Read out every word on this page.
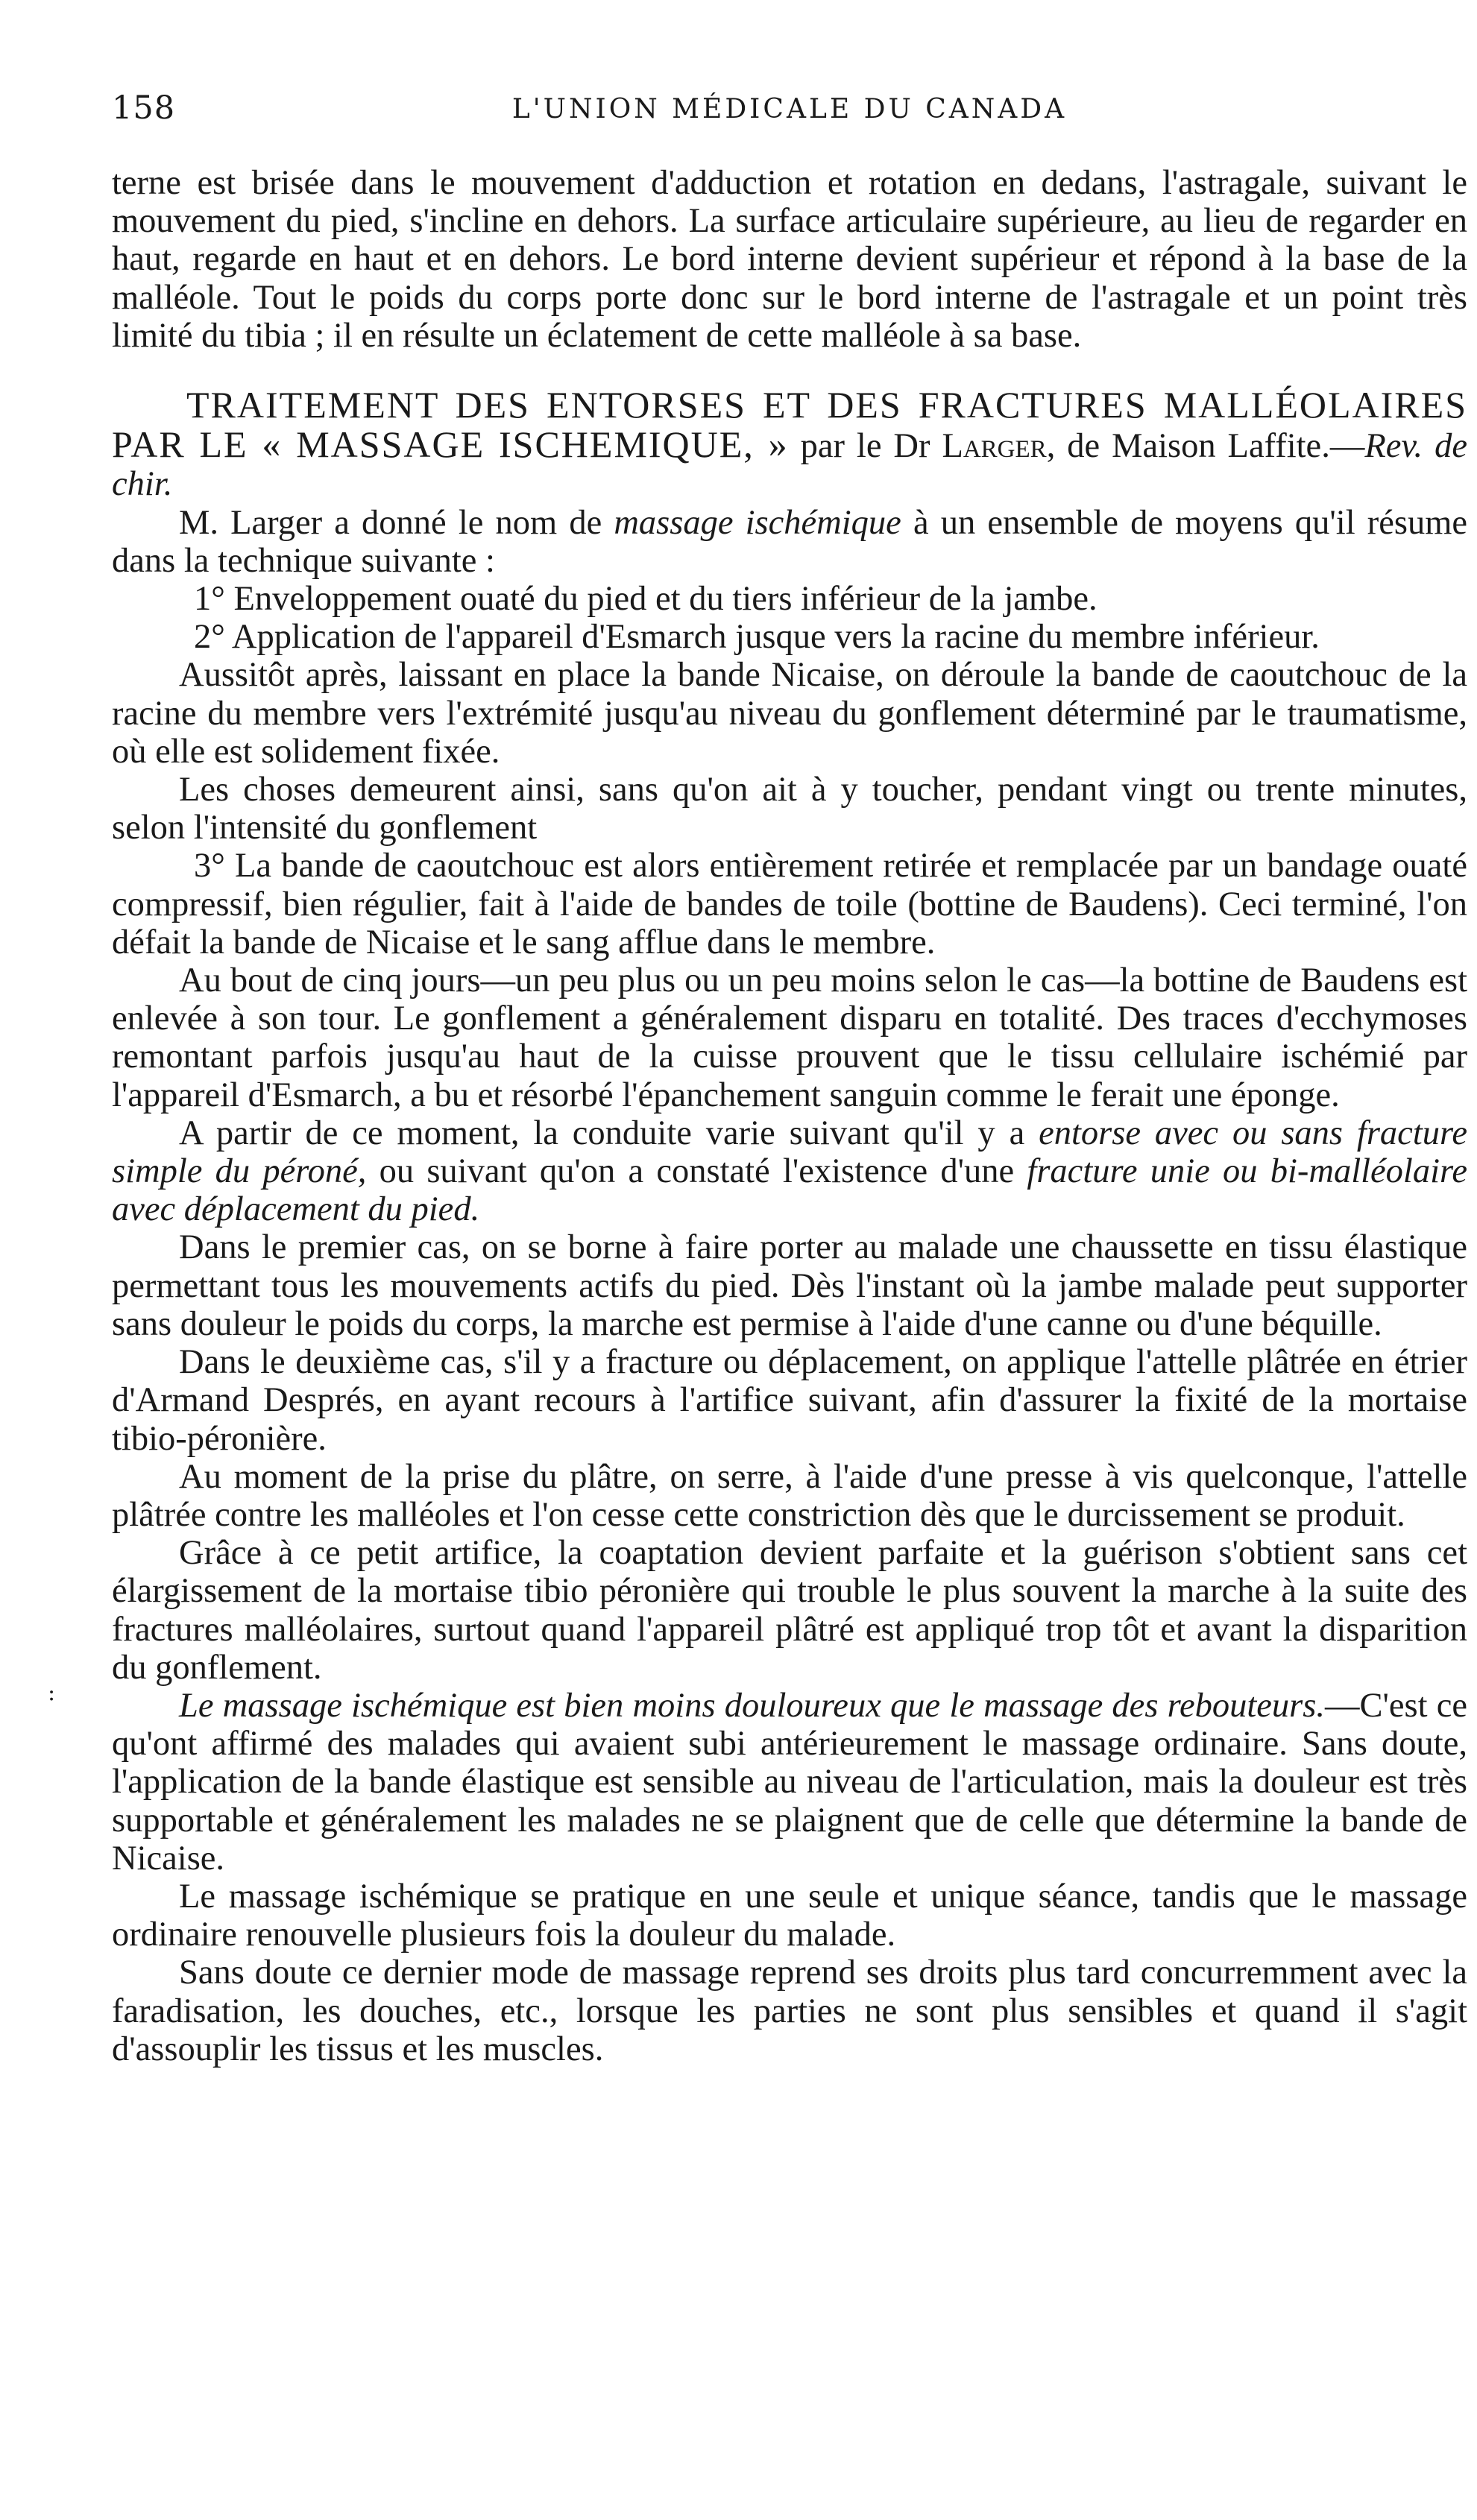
158	L'UNION MÉDICALE DU CANADA

terne est brisée dans le mouvement d'adduction et rotation en dedans, l'astragale, suivant le mouvement du pied, s'incline en dehors. La surface articulaire supérieure, au lieu de regarder en haut, regarde en haut et en dehors. Le bord interne devient supérieur et répond à la base de la malléole. Tout le poids du corps porte donc sur le bord interne de l'astragale et un point très limité du tibia ; il en résulte un éclatement de cette malléole à sa base.

TRAITEMENT DES ENTORSES ET DES FRACTURES MALLÉOLAIRES PAR LE « MASSAGE ISCHEMIQUE, » par le Dr Larger, de Maison Laffite.—Rev. de chir.

M. Larger a donné le nom de massage ischémique à un ensemble de moyens qu'il résume dans la technique suivante :

1° Enveloppement ouaté du pied et du tiers inférieur de la jambe.

2° Application de l'appareil d'Esmarch jusque vers la racine du membre inférieur.

Aussitôt après, laissant en place la bande Nicaise, on déroule la bande de caoutchouc de la racine du membre vers l'extrémité jusqu'au niveau du gonflement déterminé par le traumatisme, où elle est solidement fixée.

Les choses demeurent ainsi, sans qu'on ait à y toucher, pendant vingt ou trente minutes, selon l'intensité du gonflement

3° La bande de caoutchouc est alors entièrement retirée et remplacée par un bandage ouaté compressif, bien régulier, fait à l'aide de bandes de toile (bottine de Baudens). Ceci terminé, l'on défait la bande de Nicaise et le sang afflue dans le membre.

Au bout de cinq jours—un peu plus ou un peu moins selon le cas—la bottine de Baudens est enlevée à son tour. Le gonflement a généralement disparu en totalité. Des traces d'ecchymoses remontant parfois jusqu'au haut de la cuisse prouvent que le tissu cellulaire ischémié par l'appareil d'Esmarch, a bu et résorbé l'épanchement sanguin comme le ferait une éponge.

A partir de ce moment, la conduite varie suivant qu'il y a entorse avec ou sans fracture simple du péroné, ou suivant qu'on a constaté l'existence d'une fracture unie ou bi-malléolaire avec déplacement du pied.

Dans le premier cas, on se borne à faire porter au malade une chaussette en tissu élastique permettant tous les mouvements actifs du pied. Dès l'instant où la jambe malade peut supporter sans douleur le poids du corps, la marche est permise à l'aide d'une canne ou d'une béquille.

Dans le deuxième cas, s'il y a fracture ou déplacement, on applique l'attelle plâtrée en étrier d'Armand Després, en ayant recours à l'artifice suivant, afin d'assurer la fixité de la mortaise tibio-péronière.

Au moment de la prise du plâtre, on serre, à l'aide d'une presse à vis quelconque, l'attelle plâtrée contre les malléoles et l'on cesse cette constriction dès que le durcissement se produit.

Grâce à ce petit artifice, la coaptation devient parfaite et la guérison s'obtient sans cet élargissement de la mortaise tibio péronière qui trouble le plus souvent la marche à la suite des fractures malléolaires, surtout quand l'appareil plâtré est appliqué trop tôt et avant la disparition du gonflement.

Le massage ischémique est bien moins douloureux que le massage des rebouteurs.—C'est ce qu'ont affirmé des malades qui avaient subi antérieurement le massage ordinaire. Sans doute, l'application de la bande élastique est sensible au niveau de l'articulation, mais la douleur est très supportable et généralement les malades ne se plaignent que de celle que détermine la bande de Nicaise.

Le massage ischémique se pratique en une seule et unique séance, tandis que le massage ordinaire renouvelle plusieurs fois la douleur du malade.

Sans doute ce dernier mode de massage reprend ses droits plus tard concurremment avec la faradisation, les douches, etc., lorsque les parties ne sont plus sensibles et quand il s'agit d'assouplir les tissus et les muscles.

:
